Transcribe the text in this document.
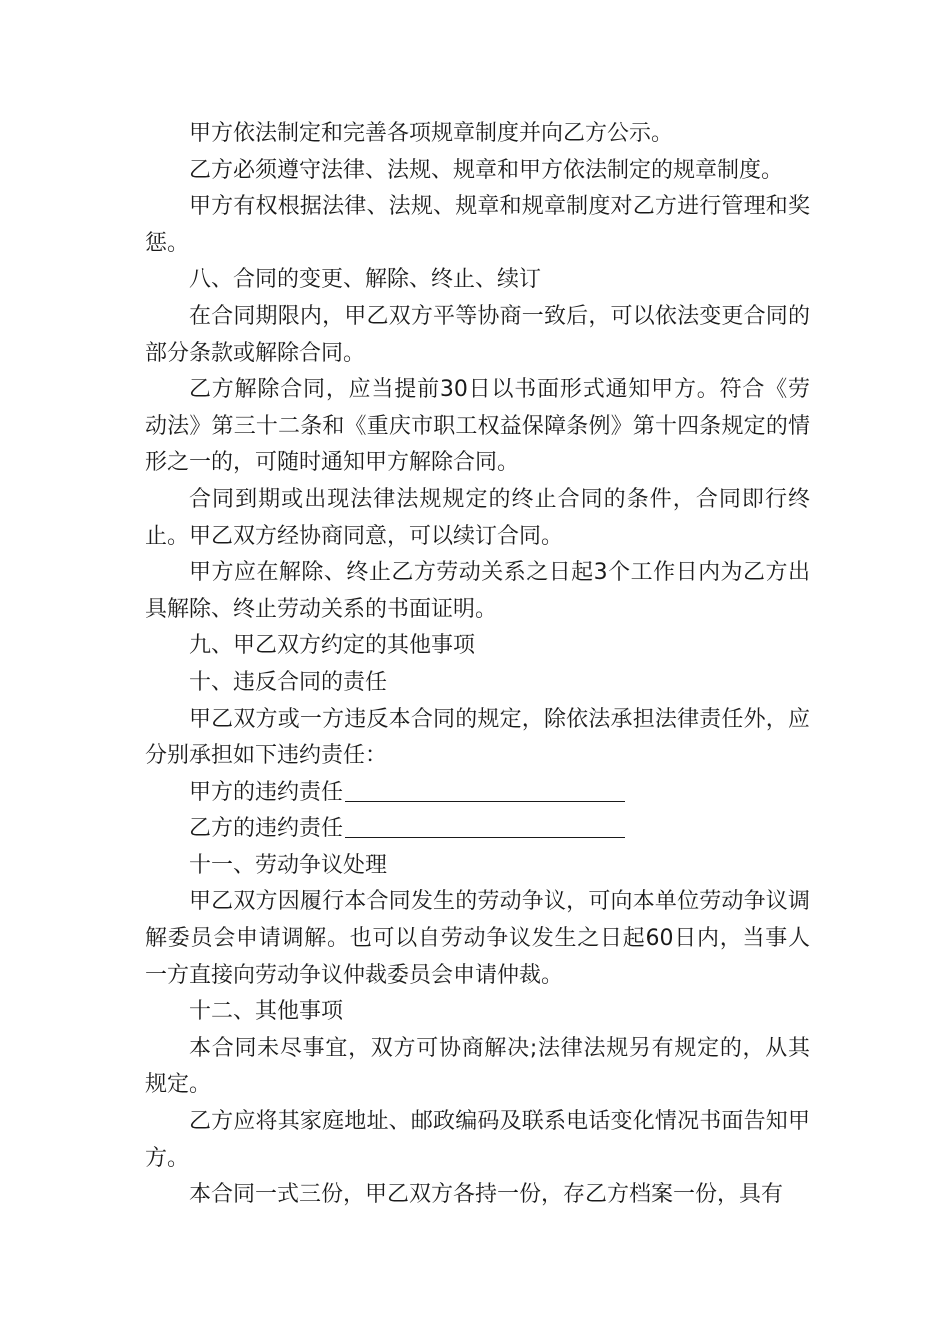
甲方依法制定和完善各项规章制度并向乙方公示。

乙方必须遵守法律、法规、规章和甲方依法制定的规章制度。

甲方有权根据法律、法规、规章和规章制度对乙方进行管理和奖惩。

八、合同的变更、解除、终止、续订

在合同期限内，甲乙双方平等协商一致后，可以依法变更合同的部分条款或解除合同。

乙方解除合同，应当提前30日以书面形式通知甲方。符合《劳动法》第三十二条和《重庆市职工权益保障条例》第十四条规定的情形之一的，可随时通知甲方解除合同。

合同到期或出现法律法规规定的终止合同的条件，合同即行终止。甲乙双方经协商同意，可以续订合同。

甲方应在解除、终止乙方劳动关系之日起3个工作日内为乙方出具解除、终止劳动关系的书面证明。

九、甲乙双方约定的其他事项

十、违反合同的责任

甲乙双方或一方违反本合同的规定，除依法承担法律责任外，应分别承担如下违约责任：

甲方的违约责任

乙方的违约责任

十一、劳动争议处理

甲乙双方因履行本合同发生的劳动争议，可向本单位劳动争议调解委员会申请调解。也可以自劳动争议发生之日起60日内，当事人一方直接向劳动争议仲裁委员会申请仲裁。

十二、其他事项

本合同未尽事宜，双方可协商解决;法律法规另有规定的，从其规定。

乙方应将其家庭地址、邮政编码及联系电话变化情况书面告知甲方。

本合同一式三份，甲乙双方各持一份，存乙方档案一份，具有
